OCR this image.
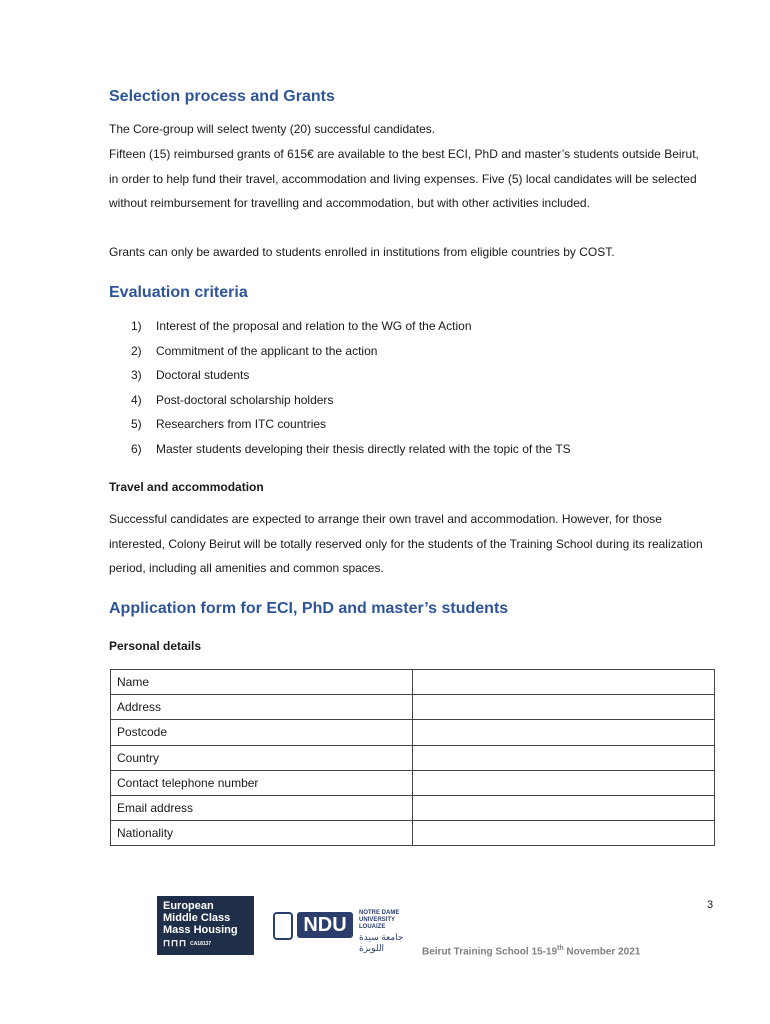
Selection process and Grants
The Core-group will select twenty (20) successful candidates.
Fifteen (15) reimbursed grants of 615€ are available to the best ECI, PhD and master’s students outside Beirut, in order to help fund their travel, accommodation and living expenses. Five (5) local candidates will be selected without reimbursement for travelling and accommodation, but with other activities included.
Grants can only be awarded to students enrolled in institutions from eligible countries by COST.
Evaluation criteria
1)	Interest of the proposal and relation to the WG of the Action
2)	Commitment of the applicant to the action
3)	Doctoral students
4)	Post-doctoral scholarship holders
5)	Researchers from ITC countries
6)	Master students developing their thesis directly related with the topic of the TS
Travel and accommodation
Successful candidates are expected to arrange their own travel and accommodation. However, for those interested, Colony Beirut will be totally reserved only for the students of the Training School during its realization period, including all amenities and common spaces.
Application form for ECI, PhD and master’s students
Personal details
Name	
Address	
Postcode	
Country	
Contact telephone number	
Email address	
Nationality	
European
Middle Class
Mass Housing
⊓⊓⊓ CA18137
NDU
NOTRE DAME
UNIVERSITY
LOUAIZE
جامعة سيدة اللويزة
3
Beirut Training School 15-19th November 2021
